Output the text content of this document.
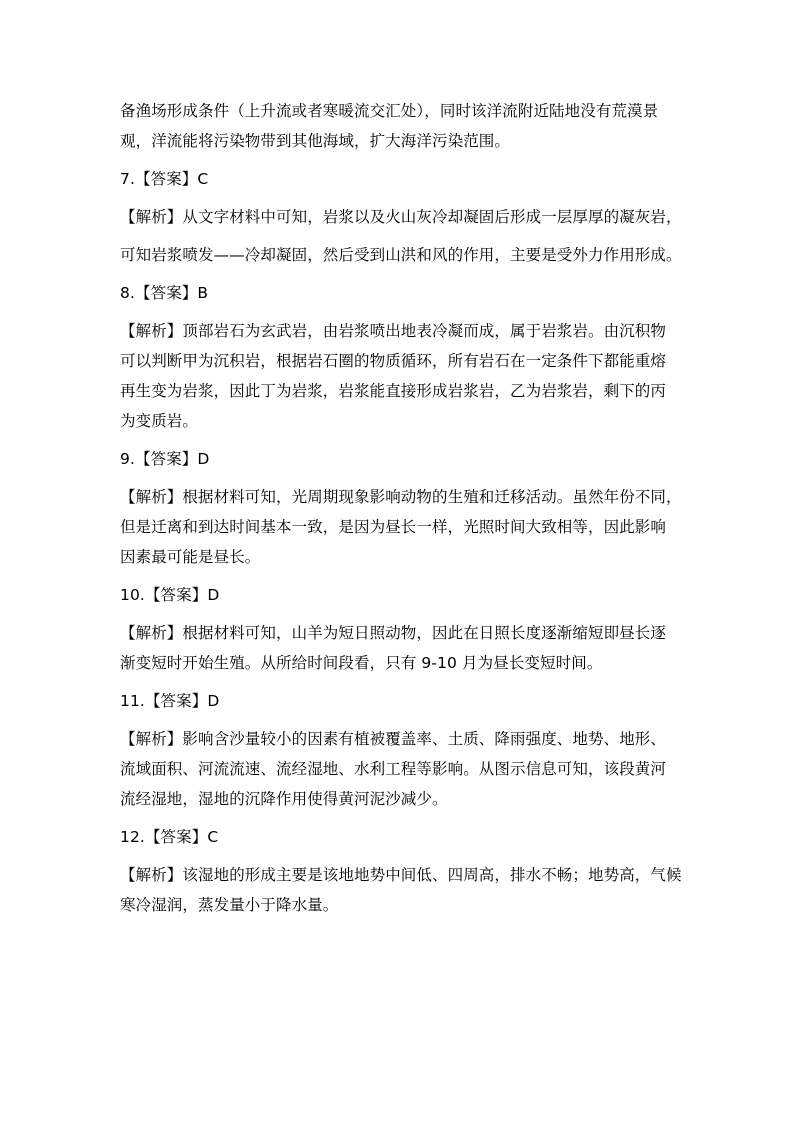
备渔场形成条件（上升流或者寒暖流交汇处），同时该洋流附近陆地没有荒漠景
观，洋流能将污染物带到其他海域，扩大海洋污染范围。
7.【答案】C
【解析】从文字材料中可知，岩浆以及火山灰冷却凝固后形成一层厚厚的凝灰岩，
可知岩浆喷发——冷却凝固，然后受到山洪和风的作用，主要是受外力作用形成。
8.【答案】B
【解析】顶部岩石为玄武岩，由岩浆喷出地表冷凝而成，属于岩浆岩。由沉积物
可以判断甲为沉积岩，根据岩石圈的物质循环，所有岩石在一定条件下都能重熔
再生变为岩浆，因此丁为岩浆，岩浆能直接形成岩浆岩，乙为岩浆岩，剩下的丙
为变质岩。
9.【答案】D
【解析】根据材料可知，光周期现象影响动物的生殖和迁移活动。虽然年份不同，
但是迁离和到达时间基本一致，是因为昼长一样，光照时间大致相等，因此影响
因素最可能是昼长。
10.【答案】D
【解析】根据材料可知，山羊为短日照动物，因此在日照长度逐渐缩短即昼长逐
渐变短时开始生殖。从所给时间段看，只有 9-10 月为昼长变短时间。
11.【答案】D
【解析】影响含沙量较小的因素有植被覆盖率、土质、降雨强度、地势、地形、
流域面积、河流流速、流经湿地、水利工程等影响。从图示信息可知，该段黄河
流经湿地，湿地的沉降作用使得黄河泥沙减少。
12.【答案】C
【解析】该湿地的形成主要是该地地势中间低、四周高，排水不畅；地势高，气候
寒冷湿润，蒸发量小于降水量。
